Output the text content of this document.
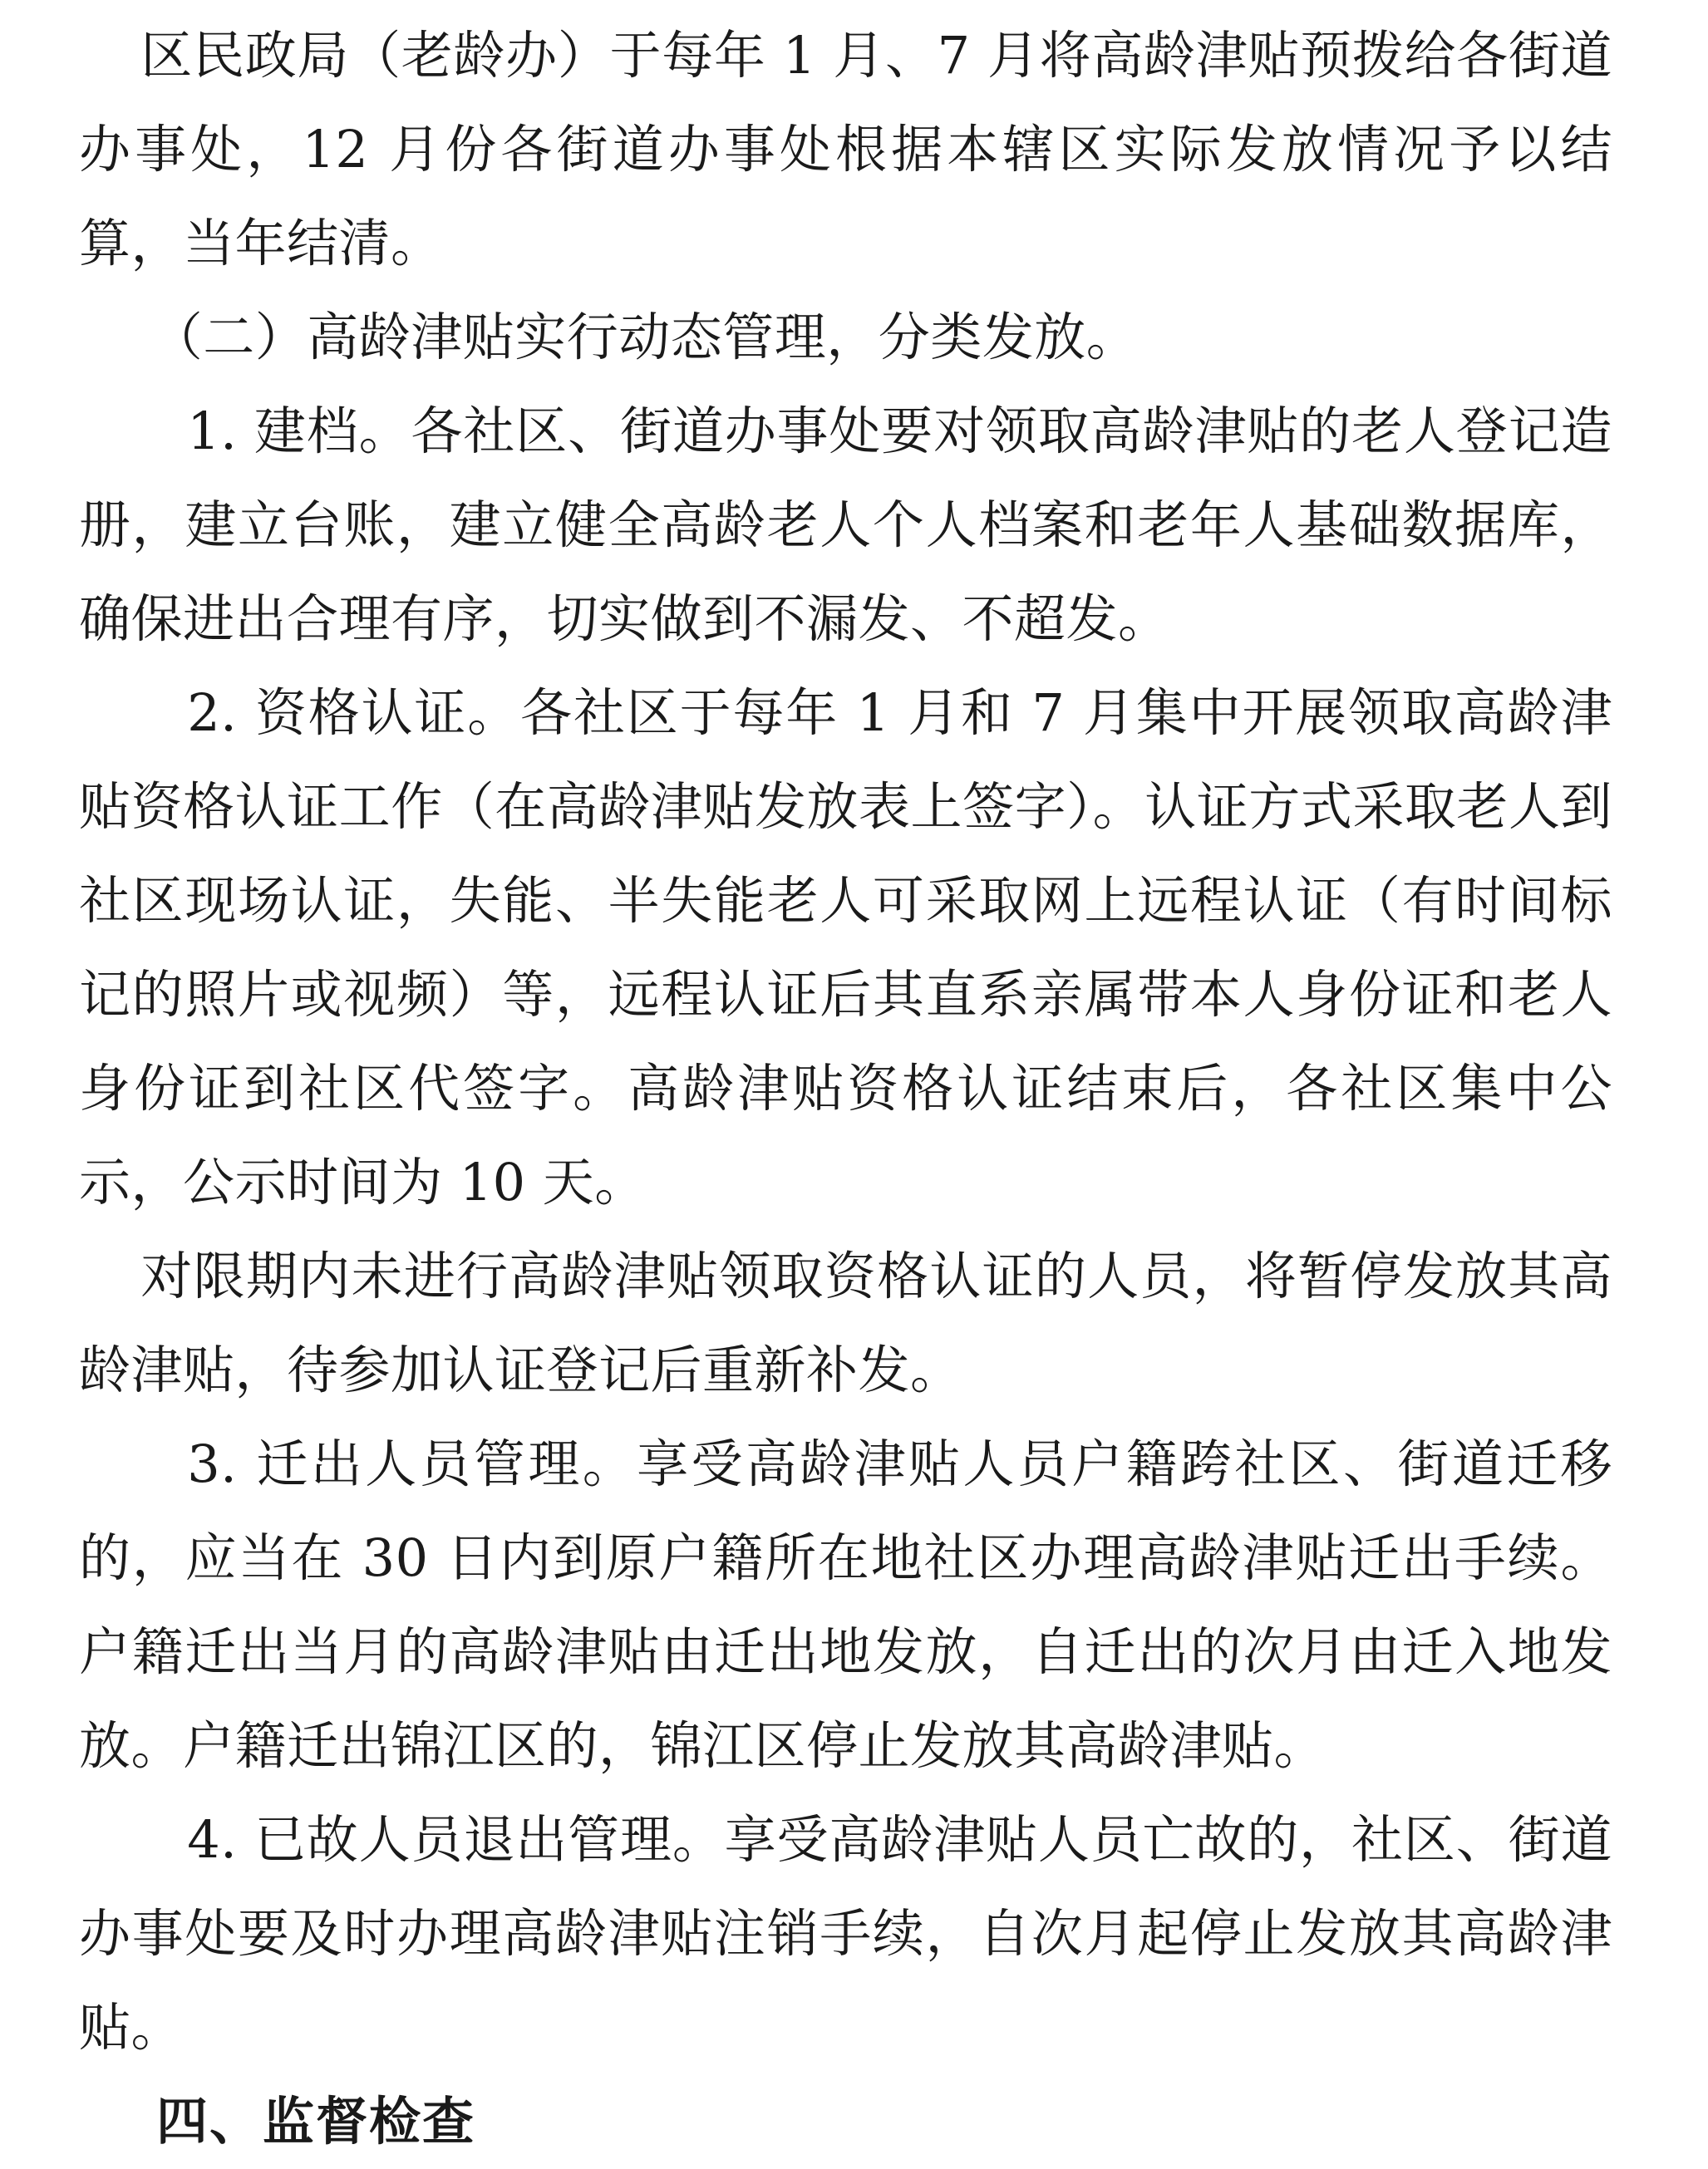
区民政局（老龄办）于每年 1 月、7 月将高龄津贴预拨给各街道办事处，12 月份各街道办事处根据本辖区实际发放情况予以结算，当年结清。

（二）高龄津贴实行动态管理，分类发放。

1. 建档。各社区、街道办事处要对领取高龄津贴的老人登记造册，建立台账，建立健全高龄老人个人档案和老年人基础数据库，确保进出合理有序，切实做到不漏发、不超发。

2. 资格认证。各社区于每年 1 月和 7 月集中开展领取高龄津贴资格认证工作（在高龄津贴发放表上签字）。认证方式采取老人到社区现场认证，失能、半失能老人可采取网上远程认证（有时间标记的照片或视频）等，远程认证后其直系亲属带本人身份证和老人身份证到社区代签字。高龄津贴资格认证结束后，各社区集中公示，公示时间为 10 天。

对限期内未进行高龄津贴领取资格认证的人员，将暂停发放其高龄津贴，待参加认证登记后重新补发。

3. 迁出人员管理。享受高龄津贴人员户籍跨社区、街道迁移的，应当在 30 日内到原户籍所在地社区办理高龄津贴迁出手续。户籍迁出当月的高龄津贴由迁出地发放，自迁出的次月由迁入地发放。户籍迁出锦江区的，锦江区停止发放其高龄津贴。

4. 已故人员退出管理。享受高龄津贴人员亡故的，社区、街道办事处要及时办理高龄津贴注销手续，自次月起停止发放其高龄津贴。

四、监督检查
